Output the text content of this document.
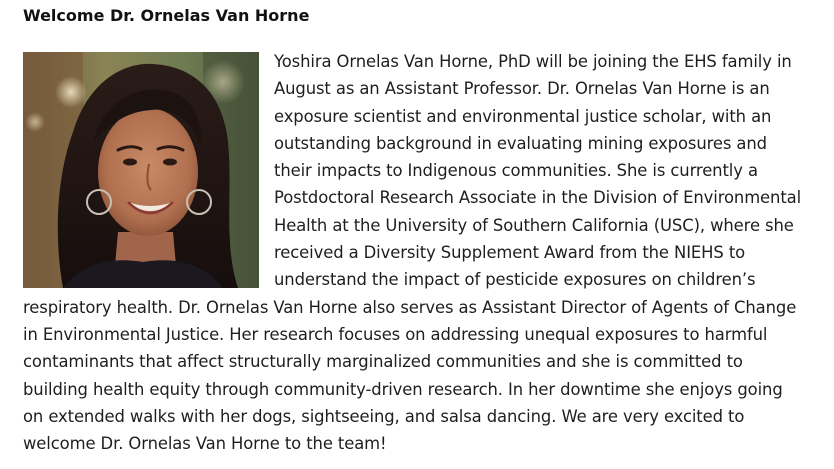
Welcome Dr. Ornelas Van Horne
Yoshira Ornelas Van Horne, PhD will be joining the EHS family in August as an Assistant Professor. Dr. Ornelas Van Horne is an exposure scientist and environmental justice scholar, with an outstanding background in evaluating mining exposures and their impacts to Indigenous communities. She is currently a Postdoctoral Research Associate in the Division of Environmental Health at the University of Southern California (USC), where she received a Diversity Supplement Award from the NIEHS to understand the impact of pesticide exposures on children’s respiratory health. Dr. Ornelas Van Horne also serves as Assistant Director of Agents of Change in Environmental Justice. Her research focuses on addressing unequal exposures to harmful contaminants that affect structurally marginalized communities and she is committed to building health equity through community-driven research. In her downtime she enjoys going on extended walks with her dogs, sightseeing, and salsa dancing. We are very excited to welcome Dr. Ornelas Van Horne to the team!
